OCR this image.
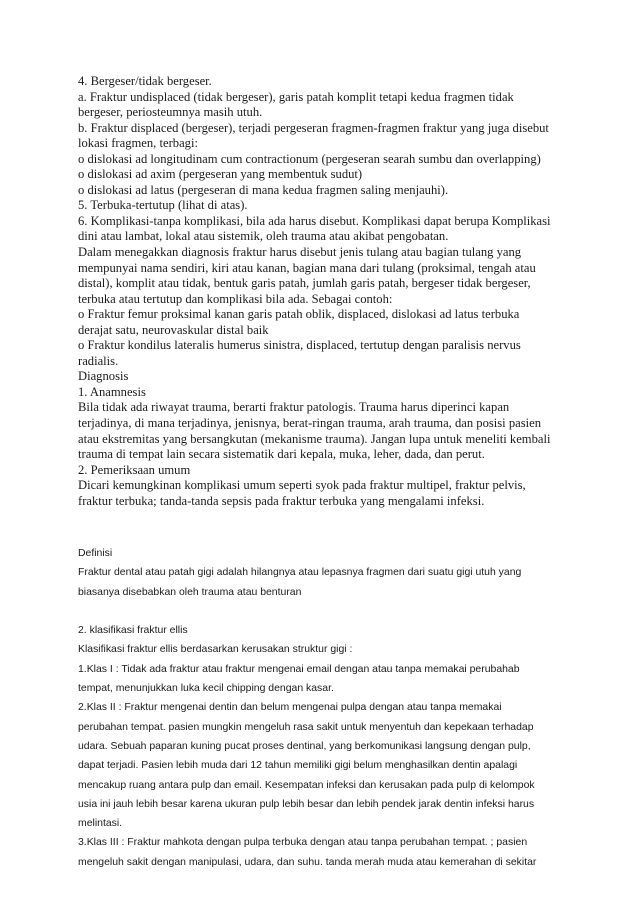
4. Bergeser/tidak bergeser.
a. Fraktur undisplaced (tidak bergeser), garis patah komplit tetapi kedua fragmen tidak
bergeser, periosteumnya masih utuh.
b. Fraktur displaced (bergeser), terjadi pergeseran fragmen-fragmen fraktur yang juga disebut
lokasi fragmen, terbagi:
o dislokasi ad longitudinam cum contractionum (pergeseran searah sumbu dan overlapping)
o dislokasi ad axim (pergeseran yang membentuk sudut)
o dislokasi ad latus (pergeseran di mana kedua fragmen saling menjauhi).
5. Terbuka-tertutup (lihat di atas).
6. Komplikasi-tanpa komplikasi, bila ada harus disebut. Komplikasi dapat berupa Komplikasi
dini atau lambat, lokal atau sistemik, oleh trauma atau akibat pengobatan.
Dalam menegakkan diagnosis fraktur harus disebut jenis tulang atau bagian tulang yang
mempunyai nama sendiri, kiri atau kanan, bagian mana dari tulang (proksimal, tengah atau
distal), komplit atau tidak, bentuk garis patah, jumlah garis patah, bergeser tidak bergeser,
terbuka atau tertutup dan komplikasi bila ada. Sebagai contoh:
o Fraktur femur proksimal kanan garis patah oblik, displaced, dislokasi ad latus terbuka
derajat satu, neurovaskular distal baik
o Fraktur kondilus lateralis humerus sinistra, displaced, tertutup dengan paralisis nervus
radialis.
Diagnosis
1. Anamnesis
Bila tidak ada riwayat trauma, berarti fraktur patologis. Trauma harus diperinci kapan
terjadinya, di mana terjadinya, jenisnya, berat-ringan trauma, arah trauma, dan posisi pasien
atau ekstremitas yang bersangkutan (mekanisme trauma). Jangan lupa untuk meneliti kembali
trauma di tempat lain secara sistematik dari kepala, muka, leher, dada, dan perut.
2. Pemeriksaan umum
Dicari kemungkinan komplikasi umum seperti syok pada fraktur multipel, fraktur pelvis,
fraktur terbuka; tanda-tanda sepsis pada fraktur terbuka yang mengalami infeksi.
Definisi
Fraktur dental atau patah gigi adalah hilangnya atau lepasnya fragmen dari suatu gigi utuh yang
biasanya disebabkan oleh trauma atau benturan
2. klasifikasi fraktur ellis
Klasifikasi fraktur ellis berdasarkan kerusakan struktur gigi :
1.Klas I : Tidak ada fraktur atau fraktur mengenai email dengan atau tanpa memakai perubahab
tempat, menunjukkan luka kecil chipping dengan kasar.
2.Klas II : Fraktur mengenai dentin dan belum mengenai pulpa dengan atau tanpa memakai
perubahan tempat. pasien mungkin mengeluh rasa sakit untuk menyentuh dan kepekaan terhadap
udara. Sebuah paparan kuning pucat proses dentinal, yang berkomunikasi langsung dengan pulp,
dapat terjadi. Pasien lebih muda dari 12 tahun memiliki gigi belum menghasilkan dentin apalagi
mencakup ruang antara pulp dan email. Kesempatan infeksi dan kerusakan pada pulp di kelompok
usia ini jauh lebih besar karena ukuran pulp lebih besar dan lebih pendek jarak dentin infeksi harus
melintasi.
3.Klas III : Fraktur mahkota dengan pulpa terbuka dengan atau tanpa perubahan tempat. ; pasien
mengeluh sakit dengan manipulasi, udara, dan suhu. tanda merah muda atau kemerahan di sekitar
